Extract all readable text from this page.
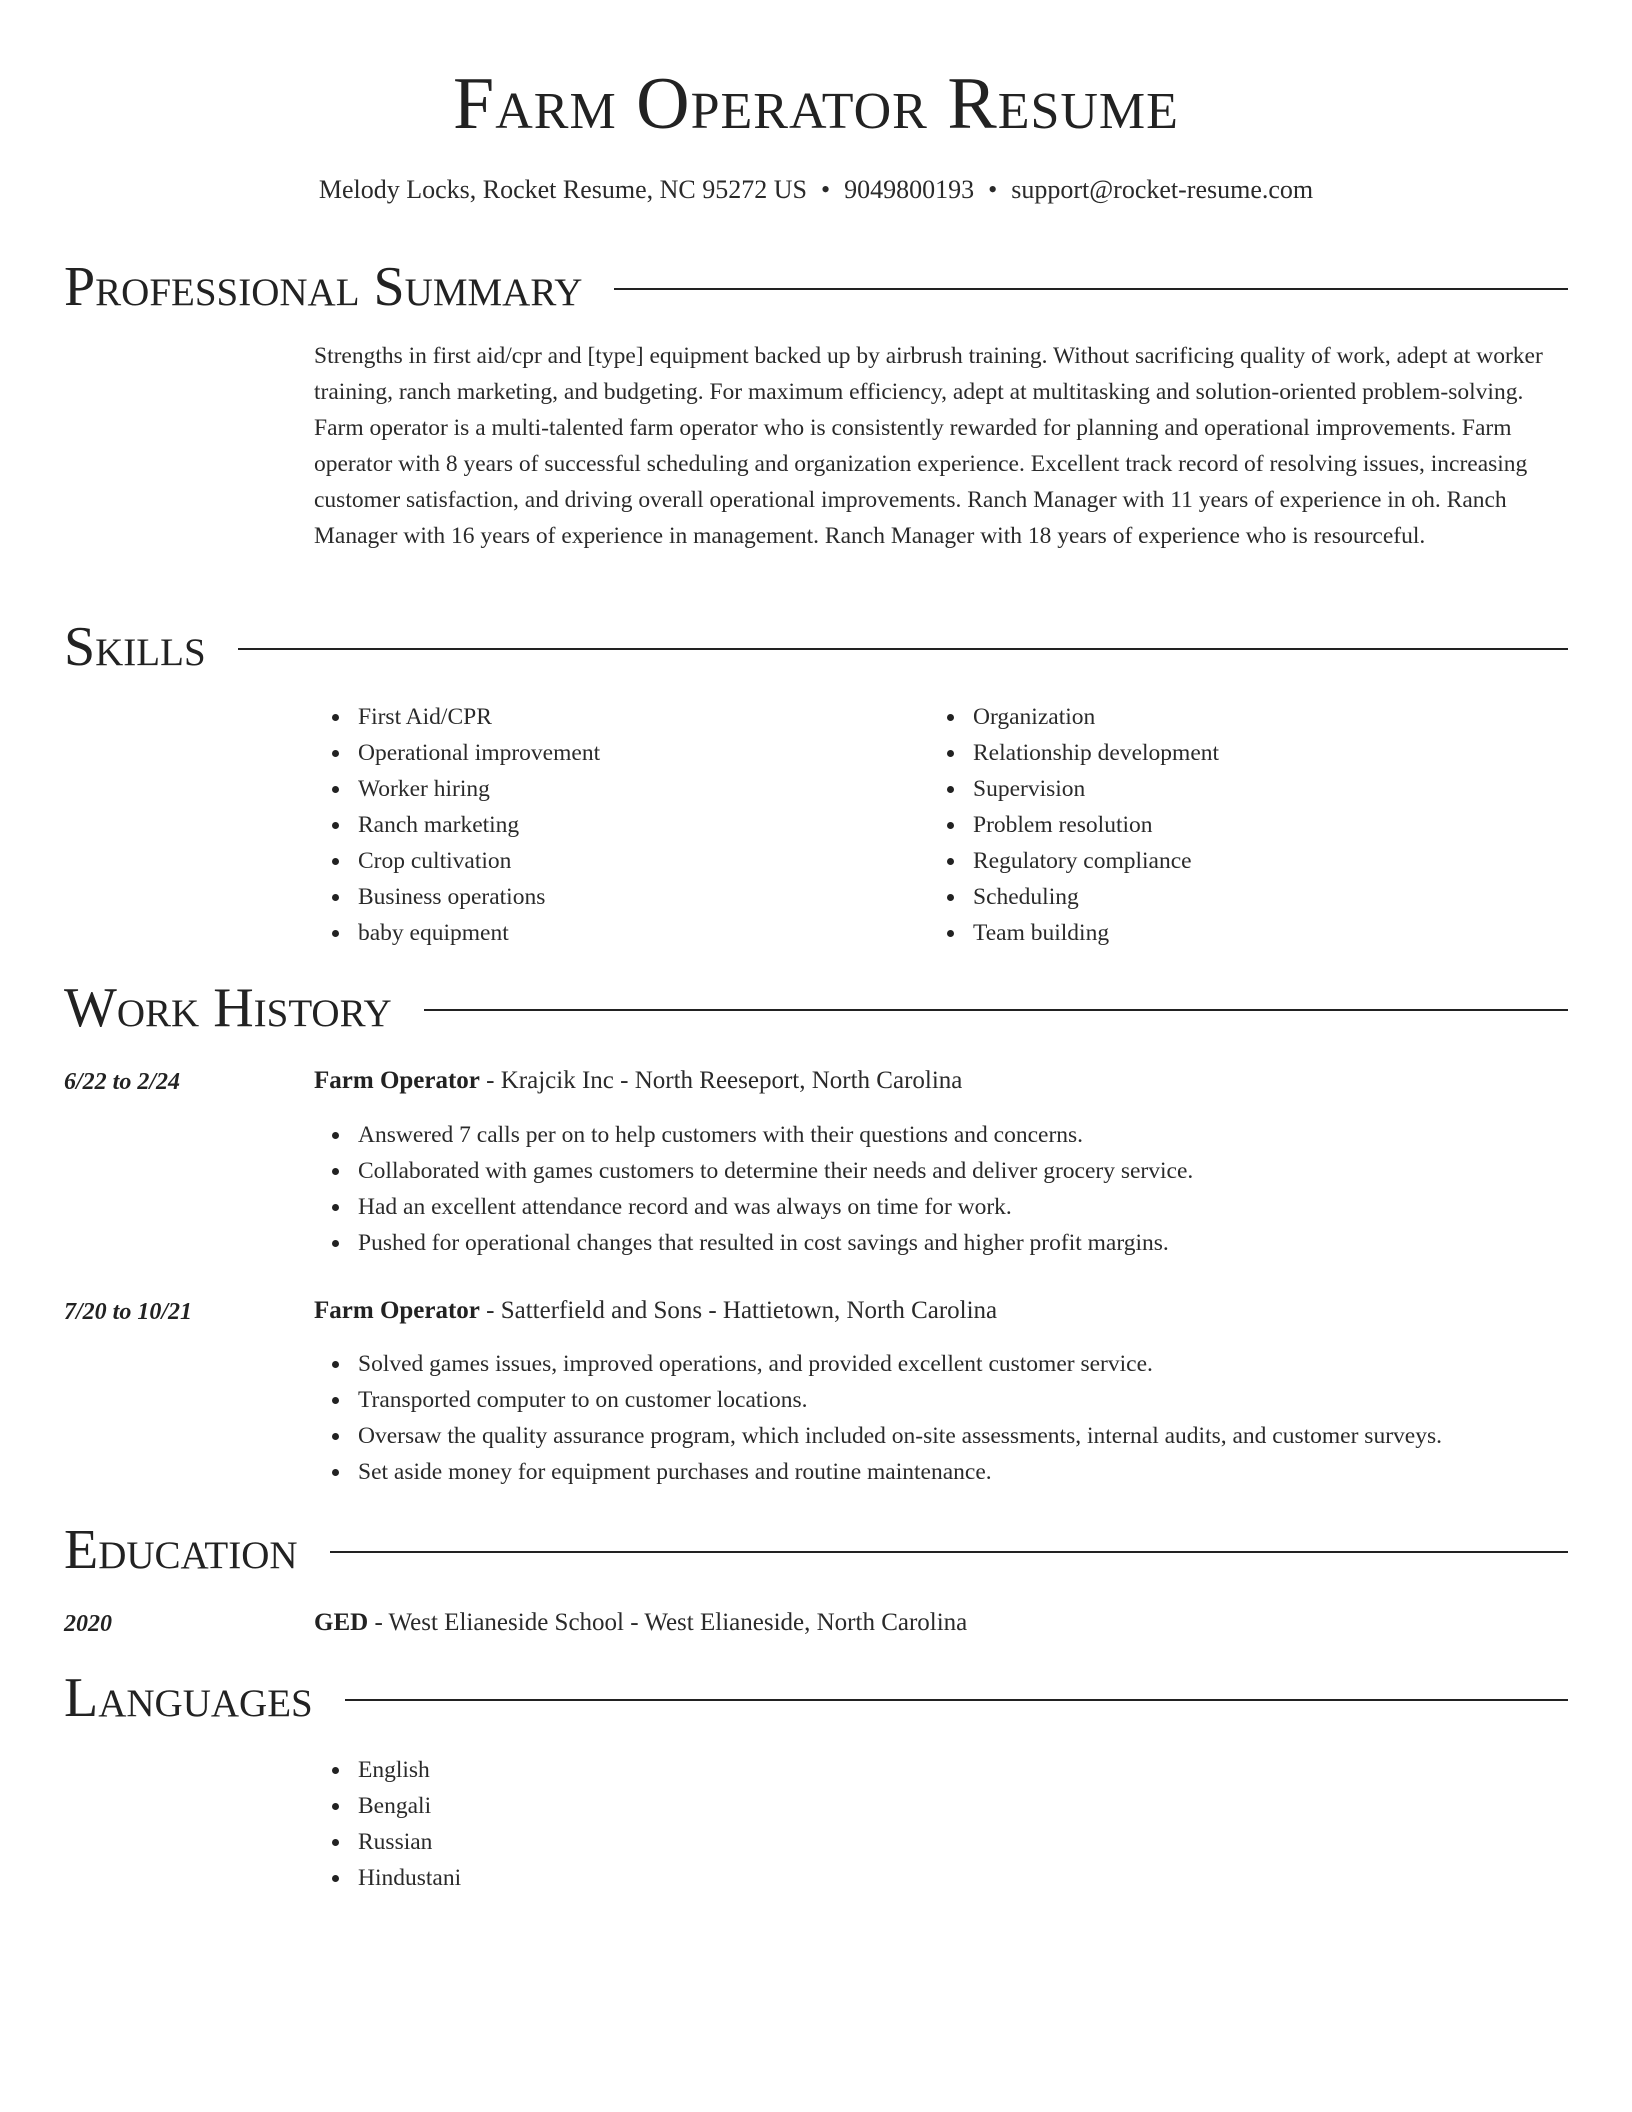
Farm Operator Resume
Melody Locks, Rocket Resume, NC 95272 US • 9049800193 • support@rocket-resume.com
Professional Summary
Strengths in first aid/cpr and [type] equipment backed up by airbrush training. Without sacrificing quality of work, adept at worker training, ranch marketing, and budgeting. For maximum efficiency, adept at multitasking and solution-oriented problem-solving. Farm operator is a multi-talented farm operator who is consistently rewarded for planning and operational improvements. Farm operator with 8 years of successful scheduling and organization experience. Excellent track record of resolving issues, increasing customer satisfaction, and driving overall operational improvements. Ranch Manager with 11 years of experience in oh. Ranch Manager with 16 years of experience in management. Ranch Manager with 18 years of experience who is resourceful.
Skills
First Aid/CPR
Operational improvement
Worker hiring
Ranch marketing
Crop cultivation
Business operations
baby equipment
Organization
Relationship development
Supervision
Problem resolution
Regulatory compliance
Scheduling
Team building
Work History
6/22 to 2/24	Farm Operator - Krajcik Inc - North Reeseport, North Carolina
Answered 7 calls per on to help customers with their questions and concerns.
Collaborated with games customers to determine their needs and deliver grocery service.
Had an excellent attendance record and was always on time for work.
Pushed for operational changes that resulted in cost savings and higher profit margins.
7/20 to 10/21	Farm Operator - Satterfield and Sons - Hattietown, North Carolina
Solved games issues, improved operations, and provided excellent customer service.
Transported computer to on customer locations.
Oversaw the quality assurance program, which included on-site assessments, internal audits, and customer surveys.
Set aside money for equipment purchases and routine maintenance.
Education
2020	GED - West Elianeside School - West Elianeside, North Carolina
Languages
English
Bengali
Russian
Hindustani
